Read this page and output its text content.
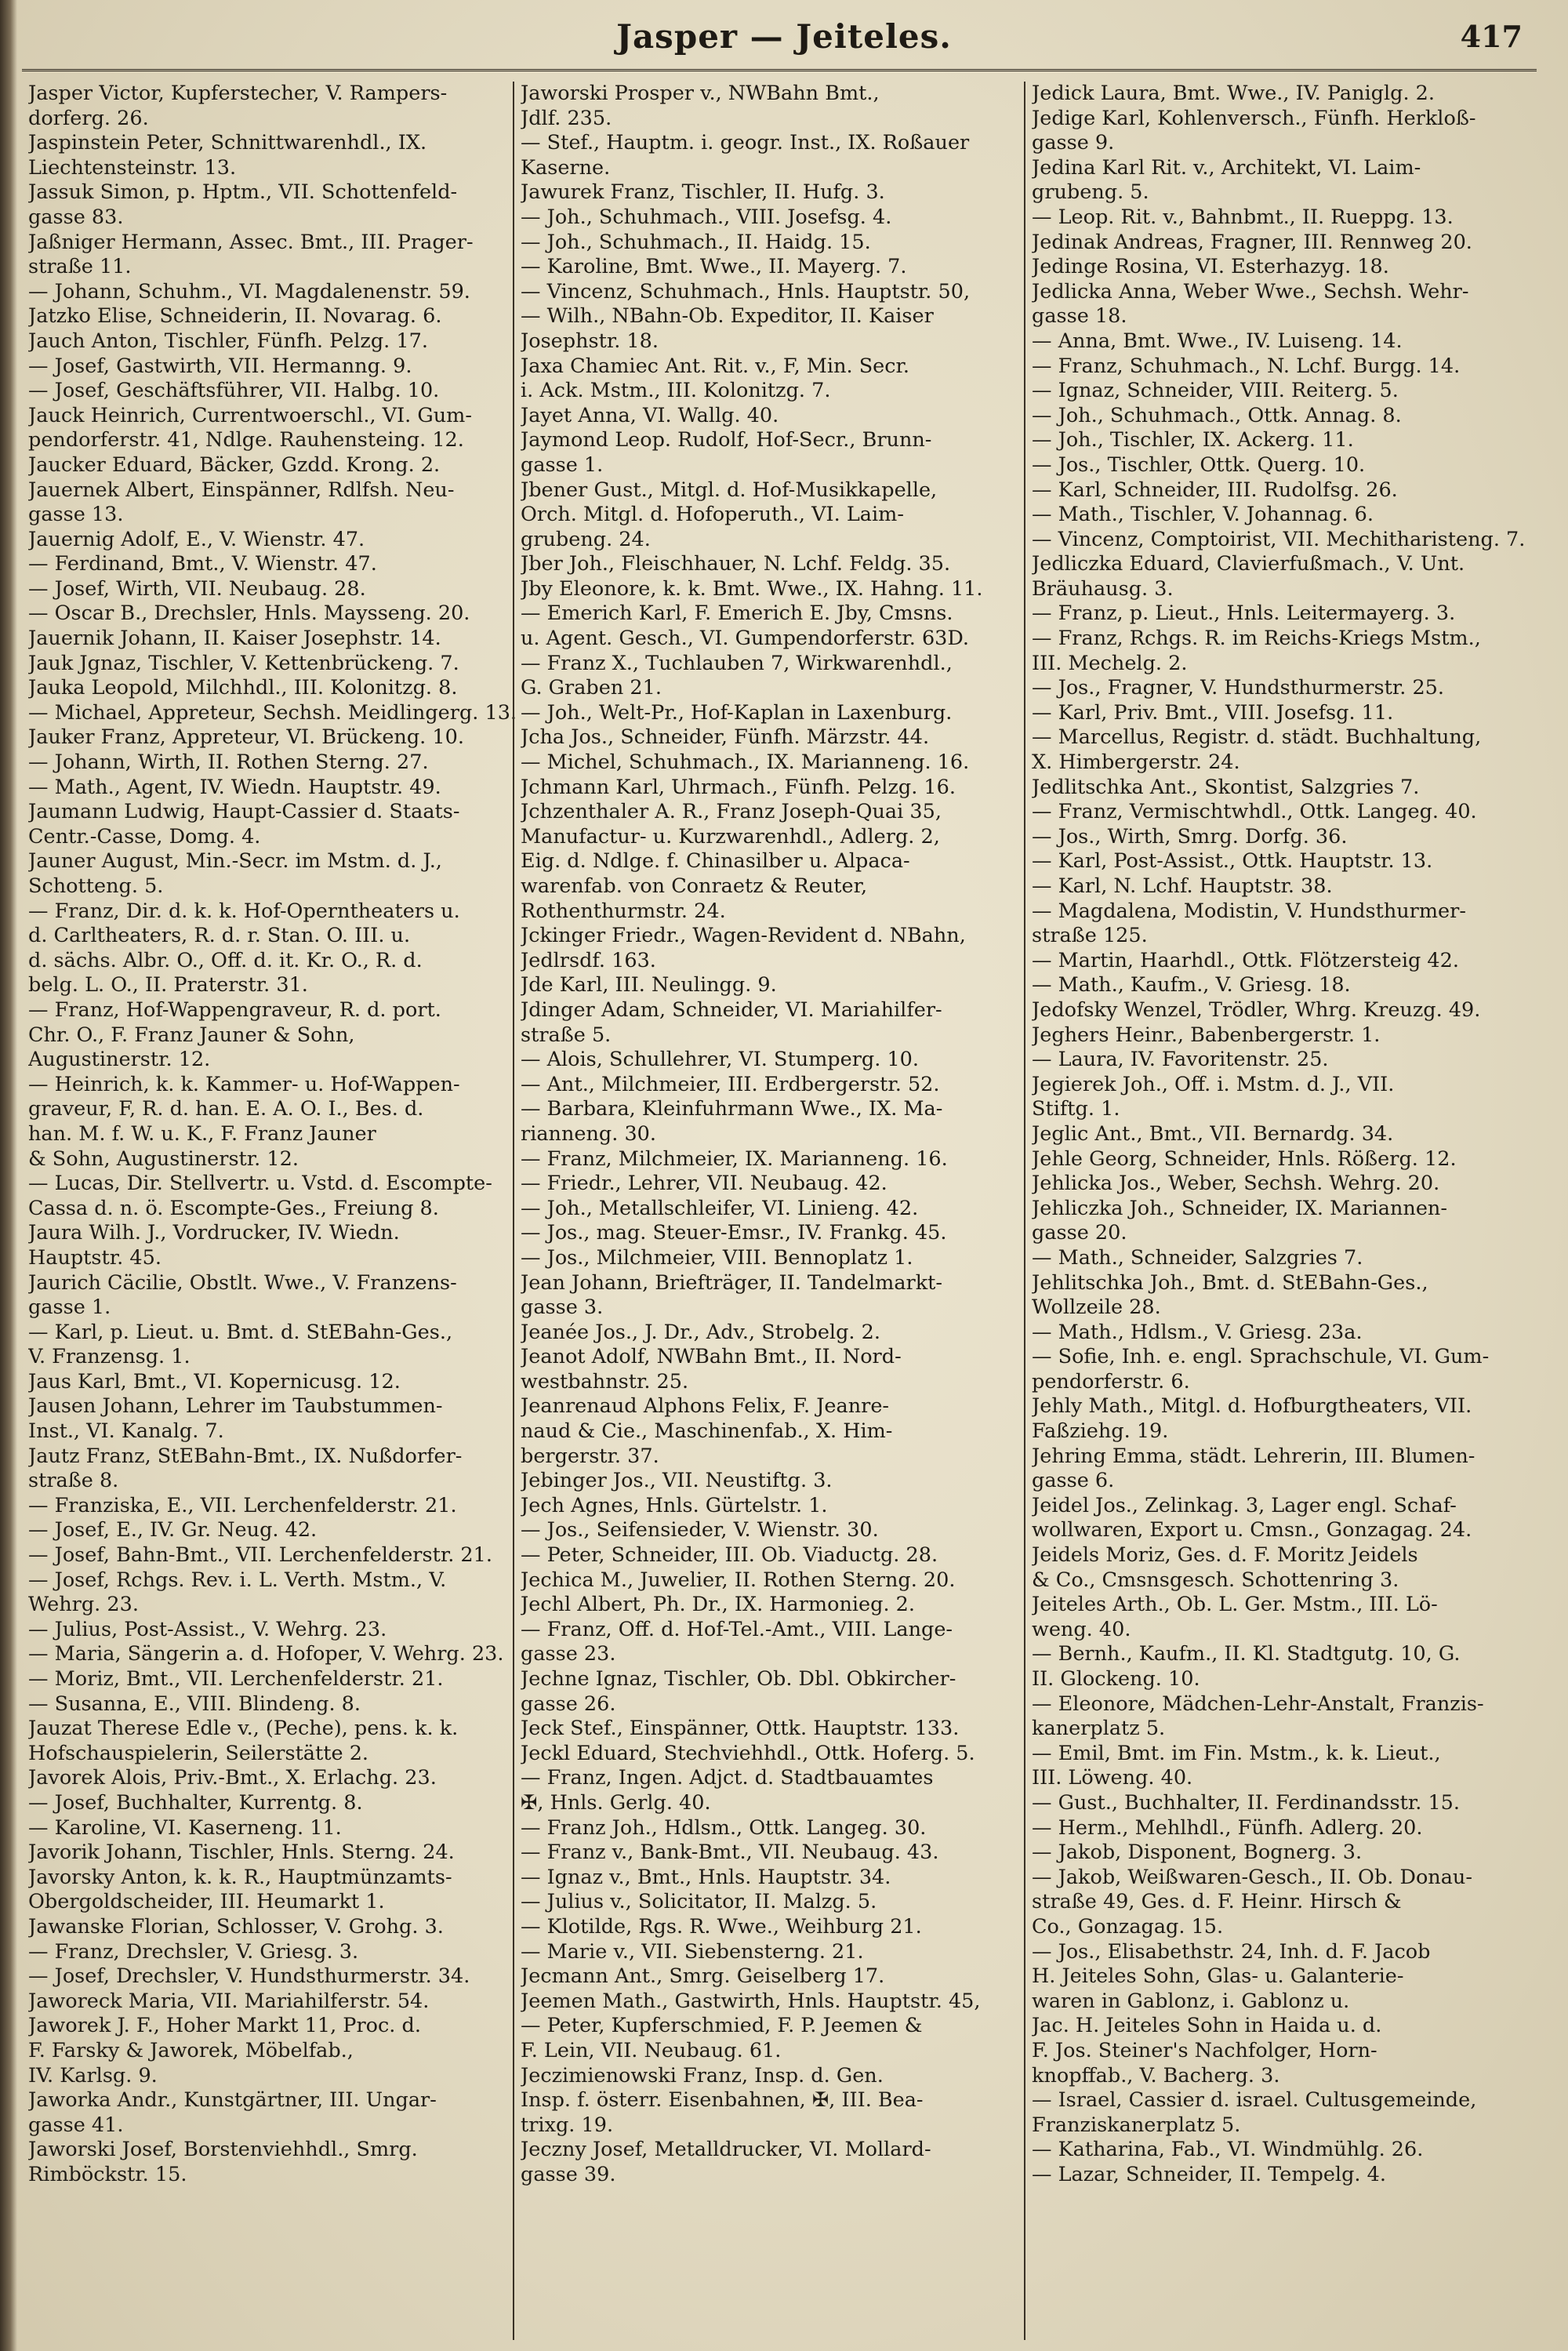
Jasper — Jeiteles.	417
Jasper Victor, Kupferstecher, V. Rampers-
dorferg. 26.
Jaspinstein Peter, Schnittwarenhdl., IX.
Liechtensteinstr. 13.
Jassuk Simon, p. Hptm., VII. Schottenfeld-
gasse 83.
Jaßniger Hermann, Assec. Bmt., III. Prager-
straße 11.
— Johann, Schuhm., VI. Magdalenenstr. 59.
Jatzko Elise, Schneiderin, II. Novarag. 6.
Jauch Anton, Tischler, Fünfh. Pelzg. 17.
— Josef, Gastwirth, VII. Hermanng. 9.
— Josef, Geschäftsführer, VII. Halbg. 10.
Jauck Heinrich, Currentwoerschl., VI. Gum-
pendorferstr. 41, Ndlge. Rauhensteing. 12.
Jaucker Eduard, Bäcker, Gzdd. Krong. 2.
Jauernek Albert, Einspänner, Rdlfsh. Neu-
gasse 13.
Jauernig Adolf, E., V. Wienstr. 47.
— Ferdinand, Bmt., V. Wienstr. 47.
— Josef, Wirth, VII. Neubaug. 28.
— Oscar B., Drechsler, Hnls. Maysseng. 20.
Jauernik Johann, II. Kaiser Josephstr. 14.
Jauk Jgnaz, Tischler, V. Kettenbrückeng. 7.
Jauka Leopold, Milchhdl., III. Kolonitzg. 8.
— Michael, Appreteur, Sechsh. Meidlingerg. 13.
Jauker Franz, Appreteur, VI. Brückeng. 10.
— Johann, Wirth, II. Rothen Sterng. 27.
— Math., Agent, IV. Wiedn. Hauptstr. 49.
Jaumann Ludwig, Haupt-Cassier d. Staats-
Centr.-Casse, Domg. 4.
Jauner August, Min.-Secr. im Mstm. d. J.,
Schotteng. 5.
— Franz, Dir. d. k. k. Hof-Operntheaters u.
d. Carltheaters, R. d. r. Stan. O. III. u.
d. sächs. Albr. O., Off. d. it. Kr. O., R. d.
belg. L. O., II. Praterstr. 31.
— Franz, Hof-Wappengraveur, R. d. port.
Chr. O., F. Franz Jauner & Sohn,
Augustinerstr. 12.
— Heinrich, k. k. Kammer- u. Hof-Wappen-
graveur, F, R. d. han. E. A. O. I., Bes. d.
han. M. f. W. u. K., F. Franz Jauner
& Sohn, Augustinerstr. 12.
— Lucas, Dir. Stellvertr. u. Vstd. d. Escompte-
Cassa d. n. ö. Escompte-Ges., Freiung 8.
Jaura Wilh. J., Vordrucker, IV. Wiedn.
Hauptstr. 45.
Jaurich Cäcilie, Obstlt. Wwe., V. Franzens-
gasse 1.
— Karl, p. Lieut. u. Bmt. d. StEBahn-Ges.,
V. Franzensg. 1.
Jaus Karl, Bmt., VI. Kopernicusg. 12.
Jausen Johann, Lehrer im Taubstummen-
Inst., VI. Kanalg. 7.
Jautz Franz, StEBahn-Bmt., IX. Nußdorfer-
straße 8.
— Franziska, E., VII. Lerchenfelderstr. 21.
— Josef, E., IV. Gr. Neug. 42.
— Josef, Bahn-Bmt., VII. Lerchenfelderstr. 21.
— Josef, Rchgs. Rev. i. L. Verth. Mstm., V.
Wehrg. 23.
— Julius, Post-Assist., V. Wehrg. 23.
— Maria, Sängerin a. d. Hofoper, V. Wehrg. 23.
— Moriz, Bmt., VII. Lerchenfelderstr. 21.
— Susanna, E., VIII. Blindeng. 8.
Jauzat Therese Edle v., (Peche), pens. k. k.
Hofschauspielerin, Seilerstätte 2.
Javorek Alois, Priv.-Bmt., X. Erlachg. 23.
— Josef, Buchhalter, Kurrentg. 8.
— Karoline, VI. Kaserneng. 11.
Javorik Johann, Tischler, Hnls. Sterng. 24.
Javorsky Anton, k. k. R., Hauptmünzamts-
Obergoldscheider, III. Heumarkt 1.
Jawanske Florian, Schlosser, V. Grohg. 3.
— Franz, Drechsler, V. Griesg. 3.
— Josef, Drechsler, V. Hundsthurmerstr. 34.
Jaworeck Maria, VII. Mariahilferstr. 54.
Jaworek J. F., Hoher Markt 11, Proc. d.
F. Farsky & Jaworek, Möbelfab.,
IV. Karlsg. 9.
Jaworka Andr., Kunstgärtner, III. Ungar-
gasse 41.
Jaworski Josef, Borstenviehhdl., Smrg.
Rimböckstr. 15.
Jaworski Prosper v., NWBahn Bmt.,
Jdlf. 235.
— Stef., Hauptm. i. geogr. Inst., IX. Roßauer
Kaserne.
Jawurek Franz, Tischler, II. Hufg. 3.
— Joh., Schuhmach., VIII. Josefsg. 4.
— Joh., Schuhmach., II. Haidg. 15.
— Karoline, Bmt. Wwe., II. Mayerg. 7.
— Vincenz, Schuhmach., Hnls. Hauptstr. 50,
— Wilh., NBahn-Ob. Expeditor, II. Kaiser
Josephstr. 18.
Jaxa Chamiec Ant. Rit. v., F, Min. Secr.
i. Ack. Mstm., III. Kolonitzg. 7.
Jayet Anna, VI. Wallg. 40.
Jaymond Leop. Rudolf, Hof-Secr., Brunn-
gasse 1.
Jbener Gust., Mitgl. d. Hof-Musikkapelle,
Orch. Mitgl. d. Hofoperuth., VI. Laim-
grubeng. 24.
Jber Joh., Fleischhauer, N. Lchf. Feldg. 35.
Jby Eleonore, k. k. Bmt. Wwe., IX. Hahng. 11.
— Emerich Karl, F. Emerich E. Jby, Cmsns.
u. Agent. Gesch., VI. Gumpendorferstr. 63D.
— Franz X., Tuchlauben 7, Wirkwarenhdl.,
G. Graben 21.
— Joh., Welt-Pr., Hof-Kaplan in Laxenburg.
Jcha Jos., Schneider, Fünfh. Märzstr. 44.
— Michel, Schuhmach., IX. Marianneng. 16.
Jchmann Karl, Uhrmach., Fünfh. Pelzg. 16.
Jchzenthaler A. R., Franz Joseph-Quai 35,
Manufactur- u. Kurzwarenhdl., Adlerg. 2,
Eig. d. Ndlge. f. Chinasilber u. Alpaca-
warenfab. von Conraetz & Reuter,
Rothenthurmstr. 24.
Jckinger Friedr., Wagen-Revident d. NBahn,
Jedlrsdf. 163.
Jde Karl, III. Neulingg. 9.
Jdinger Adam, Schneider, VI. Mariahilfer-
straße 5.
— Alois, Schullehrer, VI. Stumperg. 10.
— Ant., Milchmeier, III. Erdbergerstr. 52.
— Barbara, Kleinfuhrmann Wwe., IX. Ma-
rianneng. 30.
— Franz, Milchmeier, IX. Marianneng. 16.
— Friedr., Lehrer, VII. Neubaug. 42.
— Joh., Metallschleifer, VI. Linieng. 42.
— Jos., mag. Steuer-Emsr., IV. Frankg. 45.
— Jos., Milchmeier, VIII. Bennoplatz 1.
Jean Johann, Briefträger, II. Tandelmarkt-
gasse 3.
Jeanée Jos., J. Dr., Adv., Strobelg. 2.
Jeanot Adolf, NWBahn Bmt., II. Nord-
westbahnstr. 25.
Jeanrenaud Alphons Felix, F. Jeanre-
naud & Cie., Maschinenfab., X. Him-
bergerstr. 37.
Jebinger Jos., VII. Neustiftg. 3.
Jech Agnes, Hnls. Gürtelstr. 1.
— Jos., Seifensieder, V. Wienstr. 30.
— Peter, Schneider, III. Ob. Viaductg. 28.
Jechica M., Juwelier, II. Rothen Sterng. 20.
Jechl Albert, Ph. Dr., IX. Harmonieg. 2.
— Franz, Off. d. Hof-Tel.-Amt., VIII. Lange-
gasse 23.
Jechne Ignaz, Tischler, Ob. Dbl. Obkircher-
gasse 26.
Jeck Stef., Einspänner, Ottk. Hauptstr. 133.
Jeckl Eduard, Stechviehhdl., Ottk. Hoferg. 5.
— Franz, Ingen. Adjct. d. Stadtbauamtes
✠, Hnls. Gerlg. 40.
— Franz Joh., Hdlsm., Ottk. Langeg. 30.
— Franz v., Bank-Bmt., VII. Neubaug. 43.
— Ignaz v., Bmt., Hnls. Hauptstr. 34.
— Julius v., Solicitator, II. Malzg. 5.
— Klotilde, Rgs. R. Wwe., Weihburg 21.
— Marie v., VII. Siebensterng. 21.
Jecmann Ant., Smrg. Geiselberg 17.
Jeemen Math., Gastwirth, Hnls. Hauptstr. 45,
— Peter, Kupferschmied, F. P. Jeemen &
F. Lein, VII. Neubaug. 61.
Jeczimienowski Franz, Insp. d. Gen.
Insp. f. österr. Eisenbahnen, ✠, III. Bea-
trixg. 19.
Jeczny Josef, Metalldrucker, VI. Mollard-
gasse 39.
Jedick Laura, Bmt. Wwe., IV. Paniglg. 2.
Jedige Karl, Kohlenversch., Fünfh. Herkloß-
gasse 9.
Jedina Karl Rit. v., Architekt, VI. Laim-
grubeng. 5.
— Leop. Rit. v., Bahnbmt., II. Rueppg. 13.
Jedinak Andreas, Fragner, III. Rennweg 20.
Jedinge Rosina, VI. Esterhazyg. 18.
Jedlicka Anna, Weber Wwe., Sechsh. Wehr-
gasse 18.
— Anna, Bmt. Wwe., IV. Luiseng. 14.
— Franz, Schuhmach., N. Lchf. Burgg. 14.
— Ignaz, Schneider, VIII. Reiterg. 5.
— Joh., Schuhmach., Ottk. Annag. 8.
— Joh., Tischler, IX. Ackerg. 11.
— Jos., Tischler, Ottk. Querg. 10.
— Karl, Schneider, III. Rudolfsg. 26.
— Math., Tischler, V. Johannag. 6.
— Vincenz, Comptoirist, VII. Mechitharisteng. 7.
Jedliczka Eduard, Clavierfußmach., V. Unt.
Bräuhausg. 3.
— Franz, p. Lieut., Hnls. Leitermayerg. 3.
— Franz, Rchgs. R. im Reichs-Kriegs Mstm.,
III. Mechelg. 2.
— Jos., Fragner, V. Hundsthurmerstr. 25.
— Karl, Priv. Bmt., VIII. Josefsg. 11.
— Marcellus, Registr. d. städt. Buchhaltung,
X. Himbergerstr. 24.
Jedlitschka Ant., Skontist, Salzgries 7.
— Franz, Vermischtwhdl., Ottk. Langeg. 40.
— Jos., Wirth, Smrg. Dorfg. 36.
— Karl, Post-Assist., Ottk. Hauptstr. 13.
— Karl, N. Lchf. Hauptstr. 38.
— Magdalena, Modistin, V. Hundsthurmer-
straße 125.
— Martin, Haarhdl., Ottk. Flötzersteig 42.
— Math., Kaufm., V. Griesg. 18.
Jedofsky Wenzel, Trödler, Whrg. Kreuzg. 49.
Jeghers Heinr., Babenbergerstr. 1.
— Laura, IV. Favoritenstr. 25.
Jegierek Joh., Off. i. Mstm. d. J., VII.
Stiftg. 1.
Jeglic Ant., Bmt., VII. Bernardg. 34.
Jehle Georg, Schneider, Hnls. Rößerg. 12.
Jehlicka Jos., Weber, Sechsh. Wehrg. 20.
Jehliczka Joh., Schneider, IX. Mariannen-
gasse 20.
— Math., Schneider, Salzgries 7.
Jehlitschka Joh., Bmt. d. StEBahn-Ges.,
Wollzeile 28.
— Math., Hdlsm., V. Griesg. 23a.
— Sofie, Inh. e. engl. Sprachschule, VI. Gum-
pendorferstr. 6.
Jehly Math., Mitgl. d. Hofburgtheaters, VII.
Faßziehg. 19.
Jehring Emma, städt. Lehrerin, III. Blumen-
gasse 6.
Jeidel Jos., Zelinkag. 3, Lager engl. Schaf-
wollwaren, Export u. Cmsn., Gonzagag. 24.
Jeidels Moriz, Ges. d. F. Moritz Jeidels
& Co., Cmsnsgesch. Schottenring 3.
Jeiteles Arth., Ob. L. Ger. Mstm., III. Lö-
weng. 40.
— Bernh., Kaufm., II. Kl. Stadtgutg. 10, G.
II. Glockeng. 10.
— Eleonore, Mädchen-Lehr-Anstalt, Franzis-
kanerplatz 5.
— Emil, Bmt. im Fin. Mstm., k. k. Lieut.,
III. Löweng. 40.
— Gust., Buchhalter, II. Ferdinandsstr. 15.
— Herm., Mehlhdl., Fünfh. Adlerg. 20.
— Jakob, Disponent, Bognerg. 3.
— Jakob, Weißwaren-Gesch., II. Ob. Donau-
straße 49, Ges. d. F. Heinr. Hirsch &
Co., Gonzagag. 15.
— Jos., Elisabethstr. 24, Inh. d. F. Jacob
H. Jeiteles Sohn, Glas- u. Galanterie-
waren in Gablonz, i. Gablonz u.
Jac. H. Jeiteles Sohn in Haida u. d.
F. Jos. Steiner's Nachfolger, Horn-
knopffab., V. Bacherg. 3.
— Israel, Cassier d. israel. Cultusgemeinde,
Franziskanerplatz 5.
— Katharina, Fab., VI. Windmühlg. 26.
— Lazar, Schneider, II. Tempelg. 4.
